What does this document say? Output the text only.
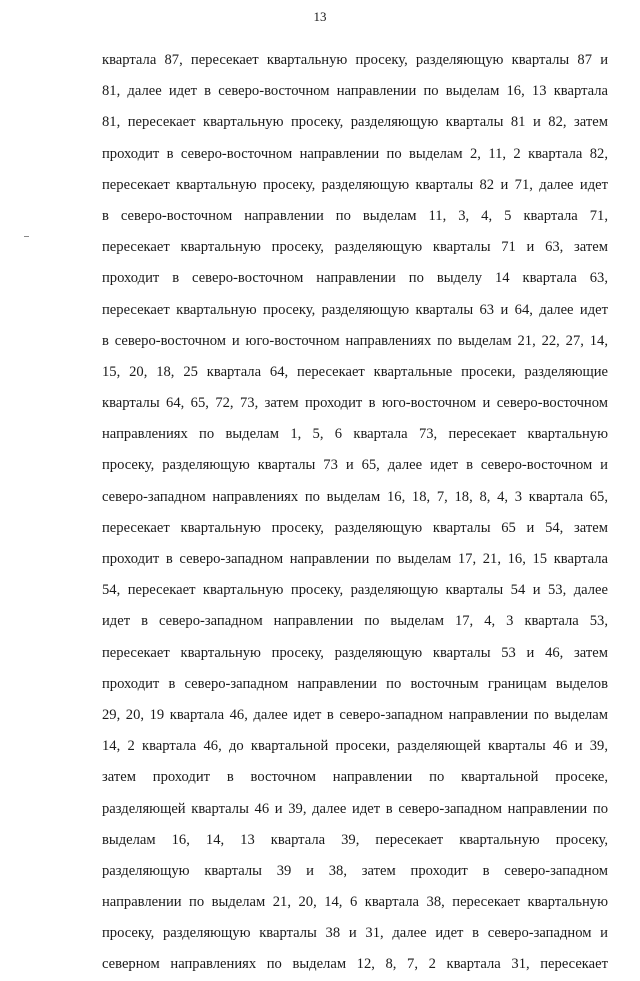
13
квартала 87, пересекает квартальную просеку, разделяющую кварталы 87 и
81, далее идет в северо-восточном направлении по выделам 16, 13 квартала
81, пересекает квартальную просеку, разделяющую кварталы 81 и 82, затем
проходит в северо-восточном направлении по выделам 2, 11, 2 квартала 82,
пересекает квартальную просеку, разделяющую кварталы 82 и 71, далее идет
в северо-восточном направлении по выделам 11, 3, 4, 5 квартала 71,
пересекает квартальную просеку, разделяющую кварталы 71 и 63, затем
проходит в северо-восточном направлении по выделу 14 квартала 63,
пересекает квартальную просеку, разделяющую кварталы 63 и 64, далее идет
в северо-восточном и юго-восточном направлениях по выделам 21, 22, 27, 14,
15, 20, 18, 25 квартала 64, пересекает квартальные просеки, разделяющие
кварталы 64, 65, 72, 73, затем проходит в юго-восточном и северо-восточном
направлениях по выделам 1, 5, 6 квартала 73, пересекает квартальную
просеку, разделяющую кварталы 73 и 65, далее идет в северо-восточном и
северо-западном направлениях по выделам 16, 18, 7, 18, 8, 4, 3 квартала 65,
пересекает квартальную просеку, разделяющую кварталы 65 и 54, затем
проходит в северо-западном направлении по выделам 17, 21, 16, 15 квартала
54, пересекает квартальную просеку, разделяющую кварталы 54 и 53, далее
идет в северо-западном направлении по выделам 17, 4, 3 квартала 53,
пересекает квартальную просеку, разделяющую кварталы 53 и 46, затем
проходит в северо-западном направлении по восточным границам выделов
29, 20, 19 квартала 46, далее идет в северо-западном направлении по выделам
14, 2 квартала 46, до квартальной просеки, разделяющей кварталы 46 и 39,
затем проходит в восточном направлении по квартальной просеке,
разделяющей кварталы 46 и 39, далее идет в северо-западном направлении по
выделам 16, 14, 13 квартала 39, пересекает квартальную просеку,
разделяющую кварталы 39 и 38, затем проходит в северо-западном
направлении по выделам 21, 20, 14, 6 квартала 38, пересекает квартальную
просеку, разделяющую кварталы 38 и 31, далее идет в северо-западном и
северном направлениях по выделам 12, 8, 7, 2 квартала 31, пересекает
